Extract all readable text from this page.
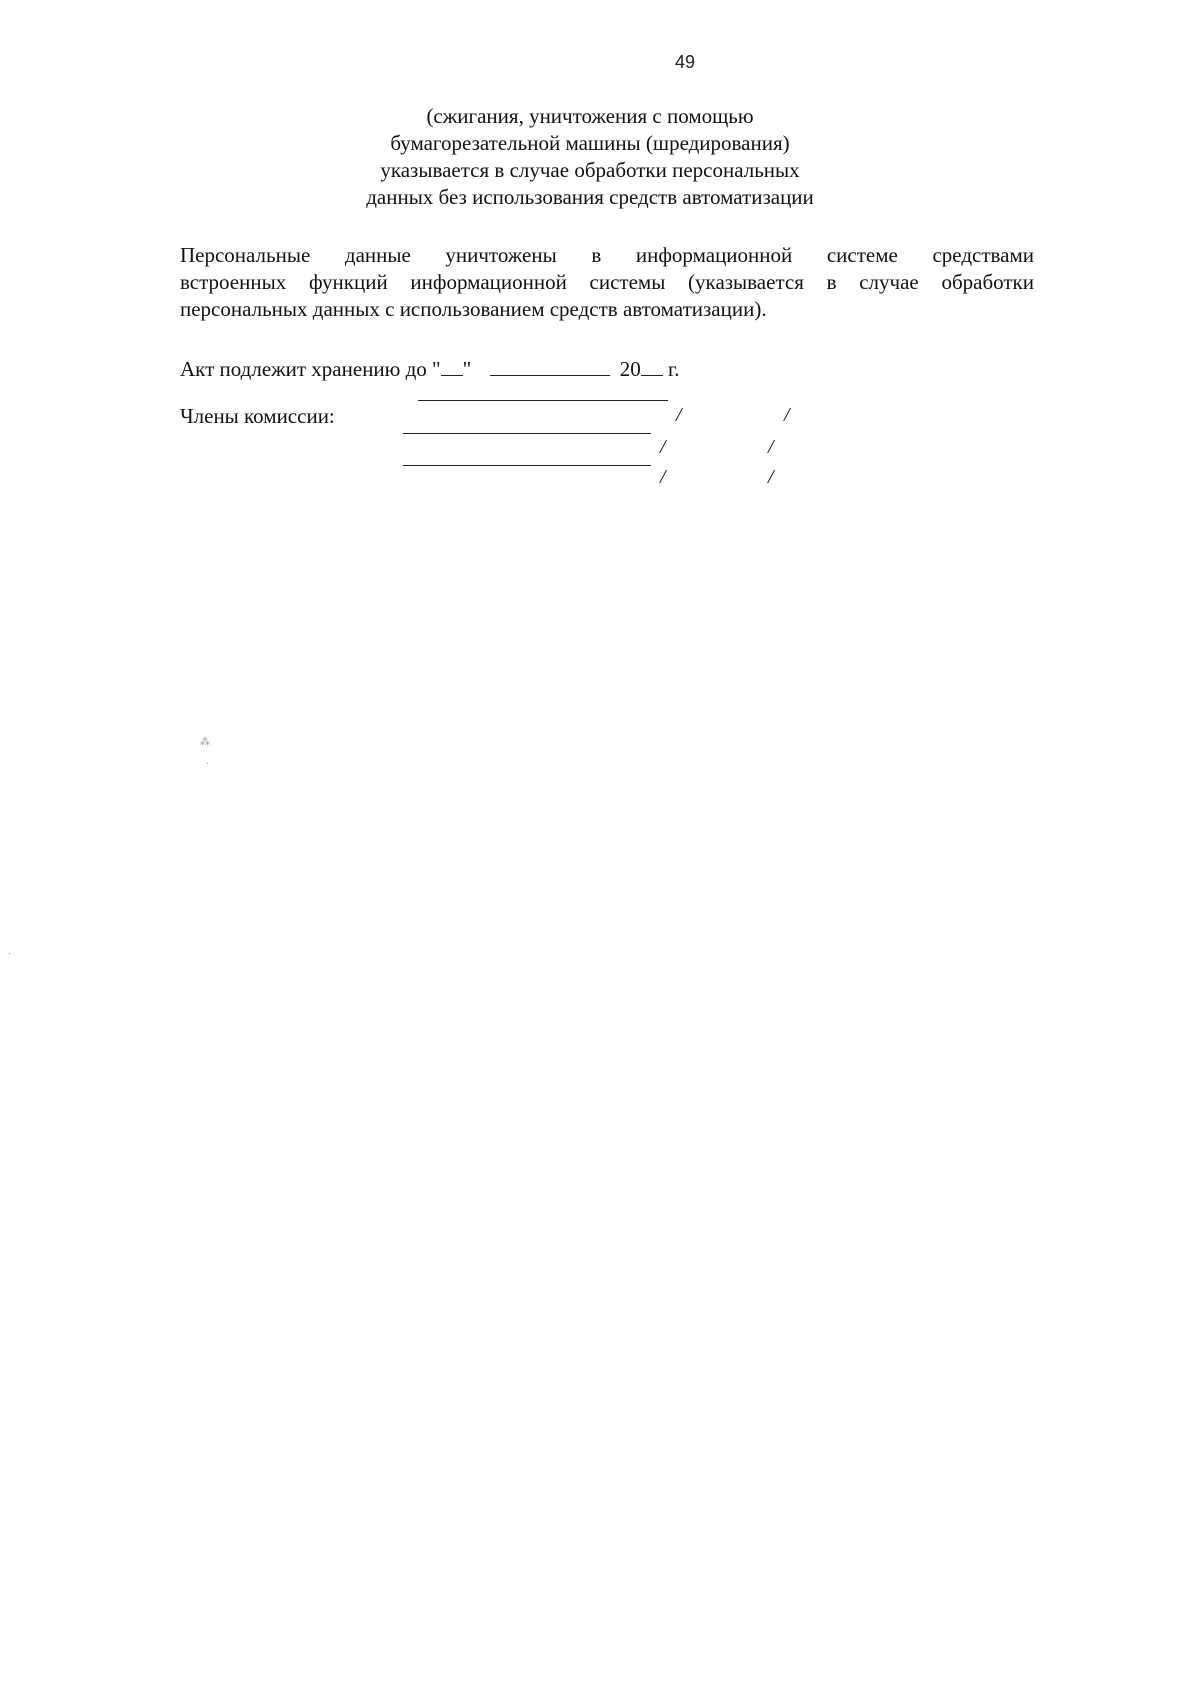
49
(сжигания, уничтожения с помощью
бумагорезательной машины (шредирования)
указывается в случае обработки персональных
данных без использования средств автоматизации
Персональные данные уничтожены в информационной системе средствами
встроенных функций информационной системы (указывается в случае обработки
персональных данных с использованием средств автоматизации).
Акт подлежит хранению до " "	20 г.
Члены комиссии:	/	/
/	/
/	/
⁂
·
·
